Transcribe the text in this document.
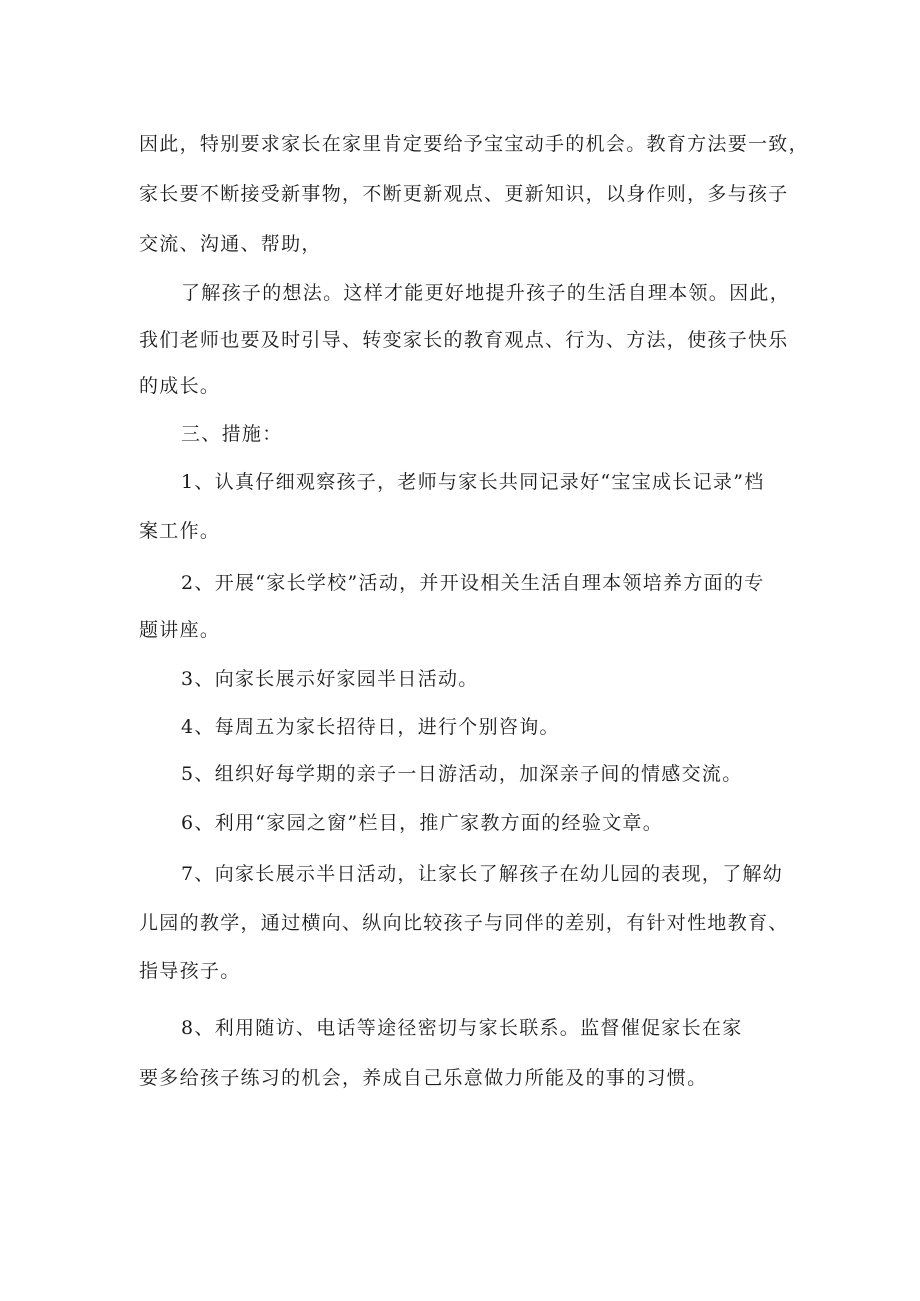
因此，特别要求家长在家里肯定要给予宝宝动手的机会。教育方法要一致，
家长要不断接受新事物，不断更新观点、更新知识，以身作则，多与孩子
交流、沟通、帮助，
了解孩子的想法。这样才能更好地提升孩子的生活自理本领。因此，
我们老师也要及时引导、转变家长的教育观点、行为、方法，使孩子快乐
的成长。
三、措施：
1、认真仔细观察孩子，老师与家长共同记录好“宝宝成长记录”档
案工作。
2、开展“家长学校”活动，并开设相关生活自理本领培养方面的专
题讲座。
3、向家长展示好家园半日活动。
4、每周五为家长招待日，进行个别咨询。
5、组织好每学期的亲子一日游活动，加深亲子间的情感交流。
6、利用“家园之窗”栏目，推广家教方面的经验文章。
7、向家长展示半日活动，让家长了解孩子在幼儿园的表现，了解幼
儿园的教学，通过横向、纵向比较孩子与同伴的差别，有针对性地教育、
指导孩子。
8、利用随访、电话等途径密切与家长联系。监督催促家长在家
要多给孩子练习的机会，养成自己乐意做力所能及的事的习惯。
